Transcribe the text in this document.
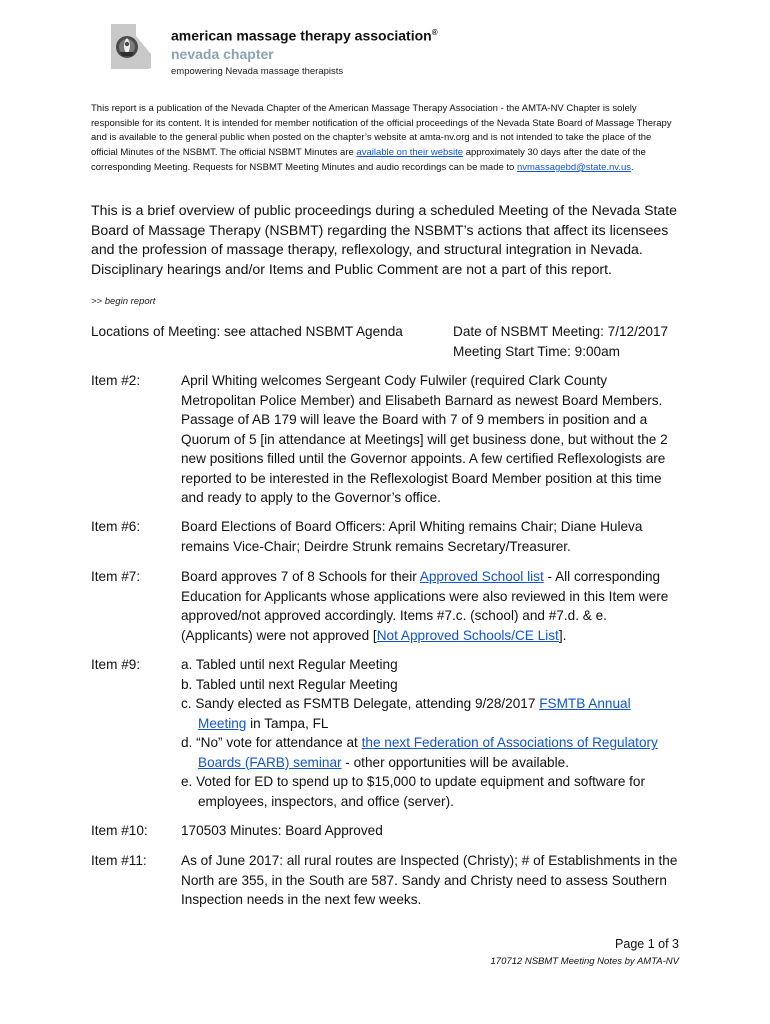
american massage therapy association®
nevada chapter
empowering Nevada massage therapists
This report is a publication of the Nevada Chapter of the American Massage Therapy Association - the AMTA-NV Chapter is solely responsible for its content. It is intended for member notification of the official proceedings of the Nevada State Board of Massage Therapy and is available to the general public when posted on the chapter’s website at amta-nv.org and is not intended to take the place of the official Minutes of the NSBMT. The official NSBMT Minutes are available on their website approximately 30 days after the date of the corresponding Meeting. Requests for NSBMT Meeting Minutes and audio recordings can be made to nvmassagebd@state.nv.us.
This is a brief overview of public proceedings during a scheduled Meeting of the Nevada State Board of Massage Therapy (NSBMT) regarding the NSBMT’s actions that affect its licensees and the profession of massage therapy, reflexology, and structural integration in Nevada. Disciplinary hearings and/or Items and Public Comment are not a part of this report.
>> begin report
Locations of Meeting: see attached NSBMT Agenda	Date of NSBMT Meeting: 7/12/2017
Meeting Start Time: 9:00am
Item #2:	April Whiting welcomes Sergeant Cody Fulwiler (required Clark County Metropolitan Police Member) and Elisabeth Barnard as newest Board Members. Passage of AB 179 will leave the Board with 7 of 9 members in position and a Quorum of 5 [in attendance at Meetings] will get business done, but without the 2 new positions filled until the Governor appoints. A few certified Reflexologists are reported to be interested in the Reflexologist Board Member position at this time and ready to apply to the Governor’s office.
Item #6:	Board Elections of Board Officers: April Whiting remains Chair; Diane Huleva remains Vice-Chair; Deirdre Strunk remains Secretary/Treasurer.
Item #7:	Board approves 7 of 8 Schools for their Approved School list - All corresponding Education for Applicants whose applications were also reviewed in this Item were approved/not approved accordingly. Items #7.c. (school) and #7.d. & e. (Applicants) were not approved [Not Approved Schools/CE List].
Item #9:	a. Tabled until next Regular Meeting
b. Tabled until next Regular Meeting
c. Sandy elected as FSMTB Delegate, attending 9/28/2017 FSMTB Annual
Meeting in Tampa, FL
d. “No” vote for attendance at the next Federation of Associations of Regulatory
Boards (FARB) seminar - other opportunities will be available.
e. Voted for ED to spend up to $15,000 to update equipment and software for
employees, inspectors, and office (server).
Item #10: 170503 Minutes: Board Approved
Item #11:	As of June 2017: all rural routes are Inspected (Christy); # of Establishments in the North are 355, in the South are 587. Sandy and Christy need to assess Southern Inspection needs in the next few weeks.
Page 1 of 3
170712 NSBMT Meeting Notes by AMTA-NV
